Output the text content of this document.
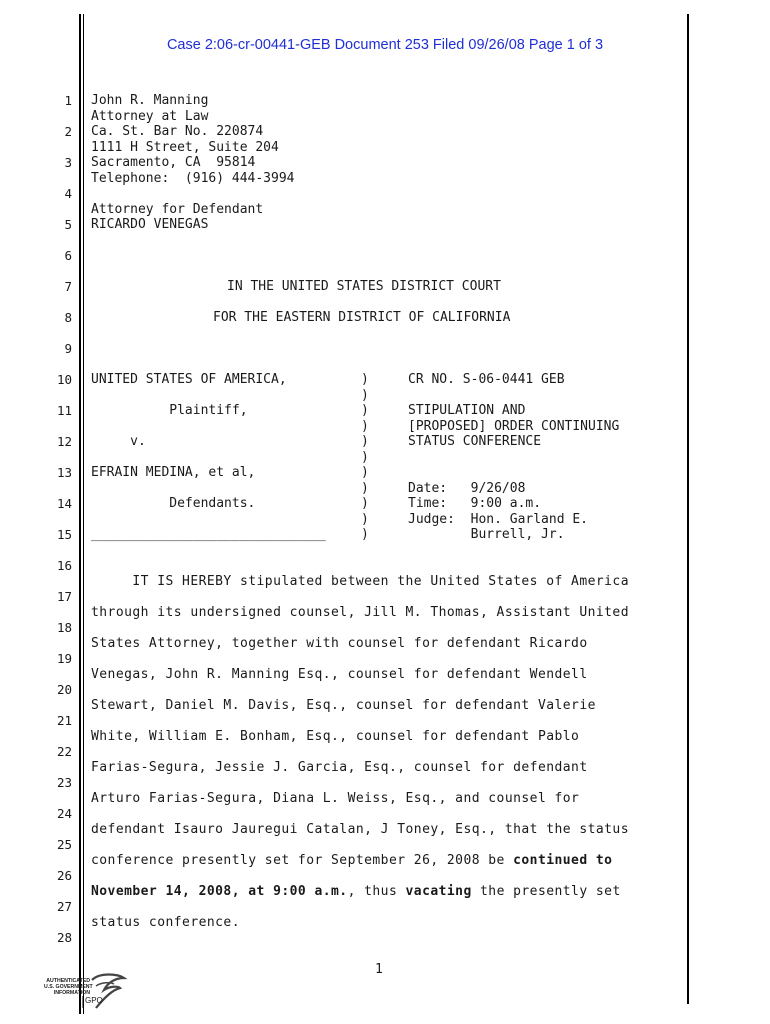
Case 2:06-cr-00441-GEB Document 253 Filed 09/26/08 Page 1 of 3
1
2
3
4
5
6
7
8
9
10
11
12
13
14
15
16
17
18
19
20
21
22
23
24
25
26
27
28
John R. Manning
Attorney at Law
Ca. St. Bar No. 220874
1111 H Street, Suite 204
Sacramento, CA  95814
Telephone:  (916) 444-3994
Attorney for Defendant
RICARDO VENEGAS
IN THE UNITED STATES DISTRICT COURT
FOR THE EASTERN DISTRICT OF CALIFORNIA
UNITED STATES OF AMERICA,
Plaintiff,
v.
EFRAIN MEDINA, et al,
Defendants.
______________________________
)
)
)
)
)
)
)
)
)
)
)
CR NO. S-06-0441 GEB
STIPULATION AND
[PROPOSED] ORDER CONTINUING
STATUS CONFERENCE
Date:   9/26/08
Time:   9:00 a.m.
Judge:  Hon. Garland E.
Burrell, Jr.
IT IS HEREBY stipulated between the United States of America
through its undersigned counsel, Jill M. Thomas, Assistant United
States Attorney, together with counsel for defendant Ricardo
Venegas, John R. Manning Esq., counsel for defendant Wendell
Stewart, Daniel M. Davis, Esq., counsel for defendant Valerie
White, William E. Bonham, Esq., counsel for defendant Pablo
Farias-Segura, Jessie J. Garcia, Esq., counsel for defendant
Arturo Farias-Segura, Diana L. Weiss, Esq., and counsel for
defendant Isauro Jauregui Catalan, J Toney, Esq., that the status
conference presently set for September 26, 2008 be continued to
November 14, 2008, at 9:00 a.m., thus vacating the presently set
status conference.
1
AUTHENTICATED
U.S. GOVERNMENT
INFORMATION
GPO
